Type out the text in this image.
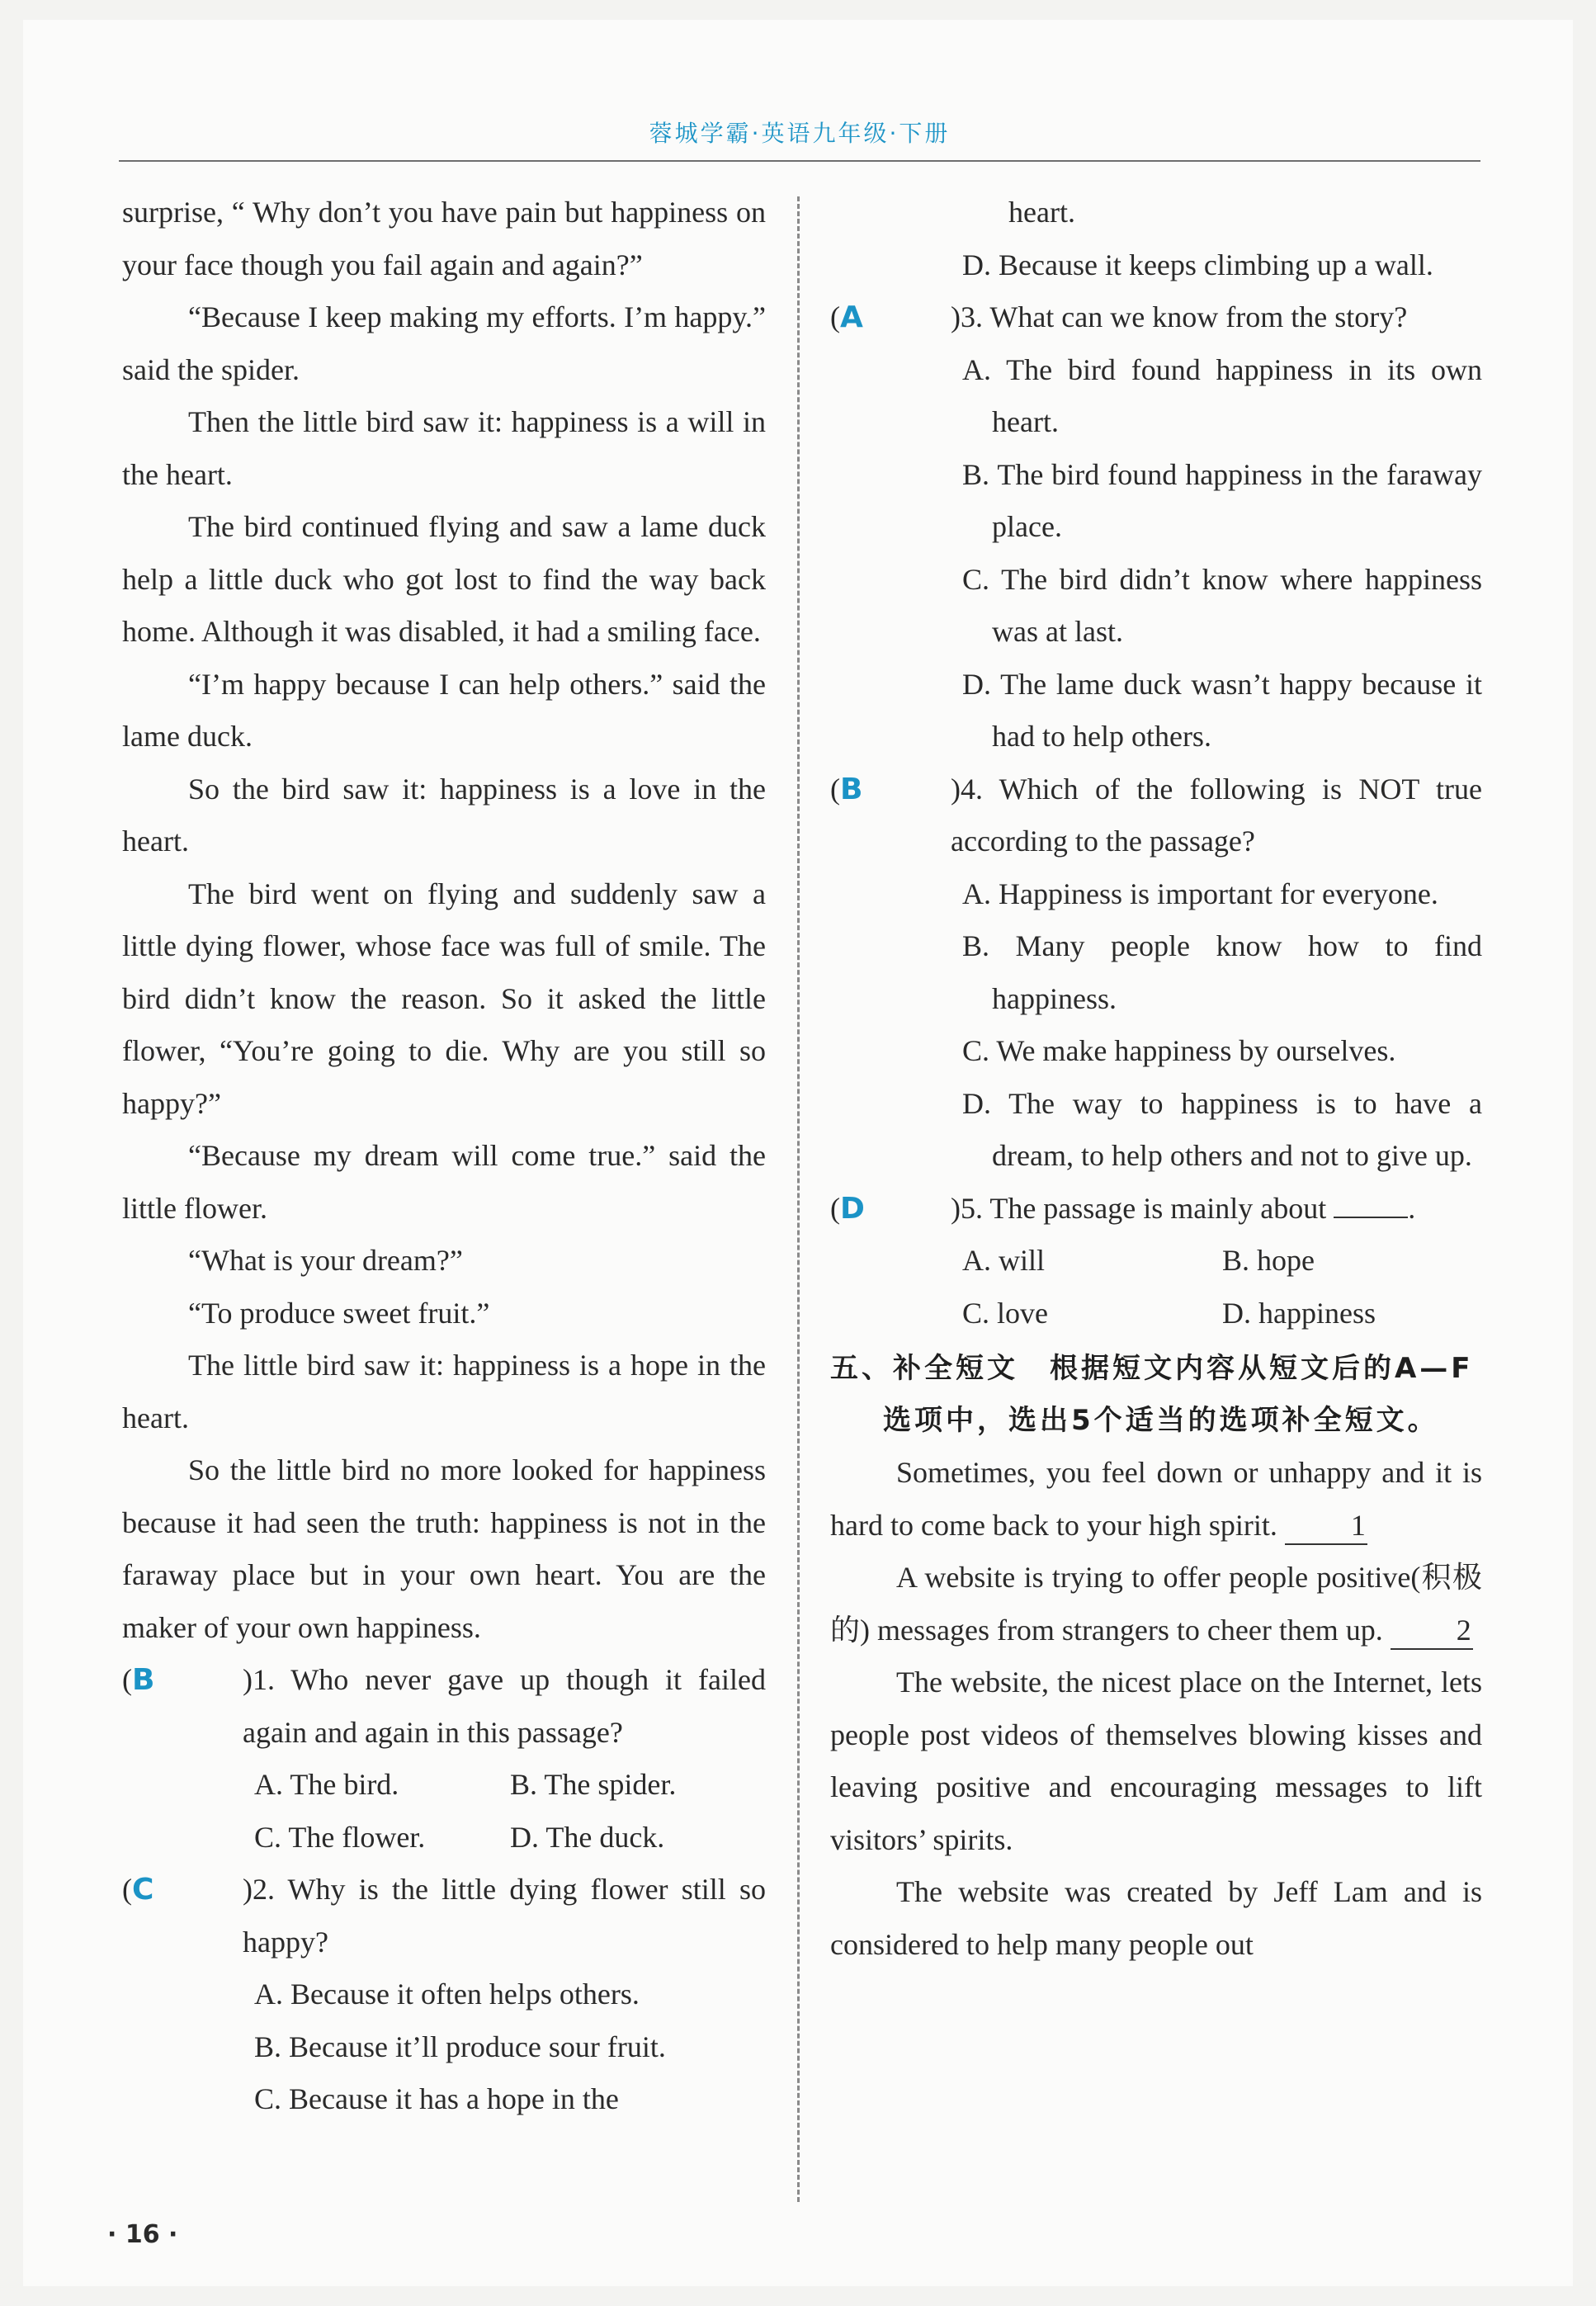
蓉城学霸·英语九年级·下册

surprise, “ Why don’t you have pain but happiness on your face though you fail again and again?”

“Because I keep making my efforts. I’m happy.” said the spider.

Then the little bird saw it: happiness is a will in the heart.

The bird continued flying and saw a lame duck help a little duck who got lost to find the way back home. Although it was disabled, it had a smiling face.

“I’m happy because I can help others.” said the lame duck.

So the bird saw it: happiness is a love in the heart.

The bird went on flying and suddenly saw a little dying flower, whose face was full of smile. The bird didn’t know the reason. So it asked the little flower, “You’re going to die. Why are you still so happy?”

“Because my dream will come true.” said the little flower.

“What is your dream?”

“To produce sweet fruit.”

The little bird saw it: happiness is a hope in the heart.

So the little bird no more looked for happiness because it had seen the truth: happiness is not in the faraway place but in your own heart. You are the maker of your own happiness.

(B	)1. Who never gave up though it failed again and again in this passage?

A. The bird.	B. The spider.
C. The flower.	D. The duck.
(C	)2. Why is the little dying flower still so happy?

A. Because it often helps others.

B. Because it’ll produce sour fruit.

C. Because it has a hope in the

heart.

D. Because it keeps climbing up a wall.

(A	)3. What can we know from the story?

A. The bird found happiness in its own heart.

B. The bird found happiness in the faraway place.

C. The bird didn’t know where happiness was at last.

D. The lame duck wasn’t happy because it had to help others.

(B	)4. Which of the following is NOT true according to the passage?

A. Happiness is important for everyone.

B. Many people know how to find happiness.

C. We make happiness by ourselves.

D. The way to happiness is to have a dream, to help others and not to give up.

(D	)5. The passage is mainly about	.

A. will	B. hope
C. love	D. happiness

五、补全短文　根据短文内容从短文后的A—F选项中，选出5个适当的选项补全短文。

Sometimes, you feel down or unhappy and it is hard to come back to your high spirit. 1

A website is trying to offer people positive(积极的) messages from strangers to cheer them up. 2

The website, the nicest place on the Internet, lets people post videos of themselves blowing kisses and leaving positive and encouraging messages to lift visitors’ spirits.

The website was created by Jeff Lam and is considered to help many people out

· 16 ·
